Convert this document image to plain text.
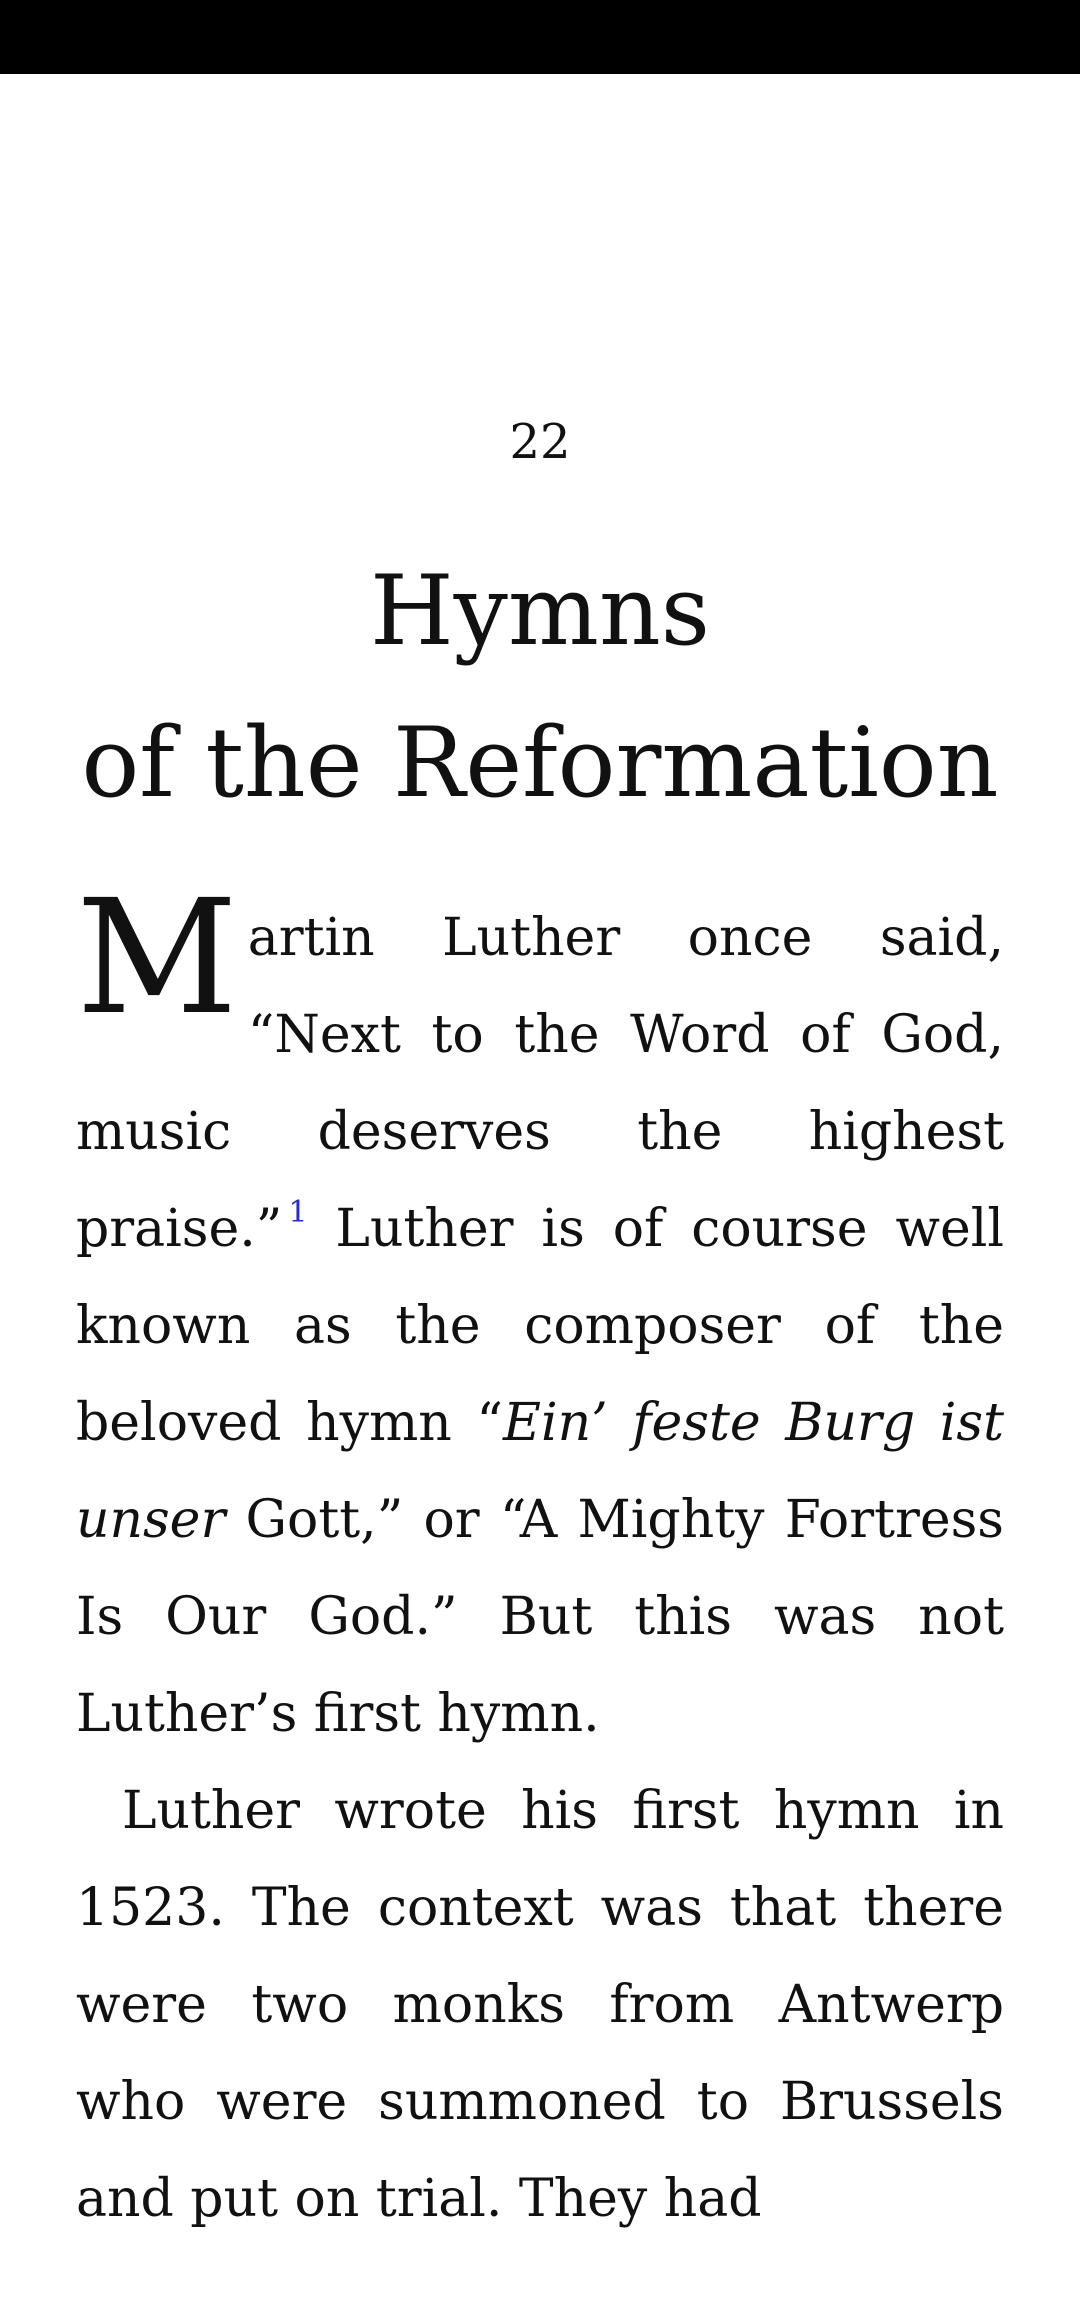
22
Hymns
of the Reformation

Martin Luther once said, “Next to the Word of God, music deserves the highest praise.” $^1$ Luther is of course well known as the composer of the beloved hymn “Ein’ feste Burg ist unser Gott,” or “A Mighty Fortress Is Our God.” But this was not Luther’s first hymn.

Luther wrote his first hymn in 1523. The context was that there were two monks from Antwerp who were summoned to Brussels and put on trial. They had
